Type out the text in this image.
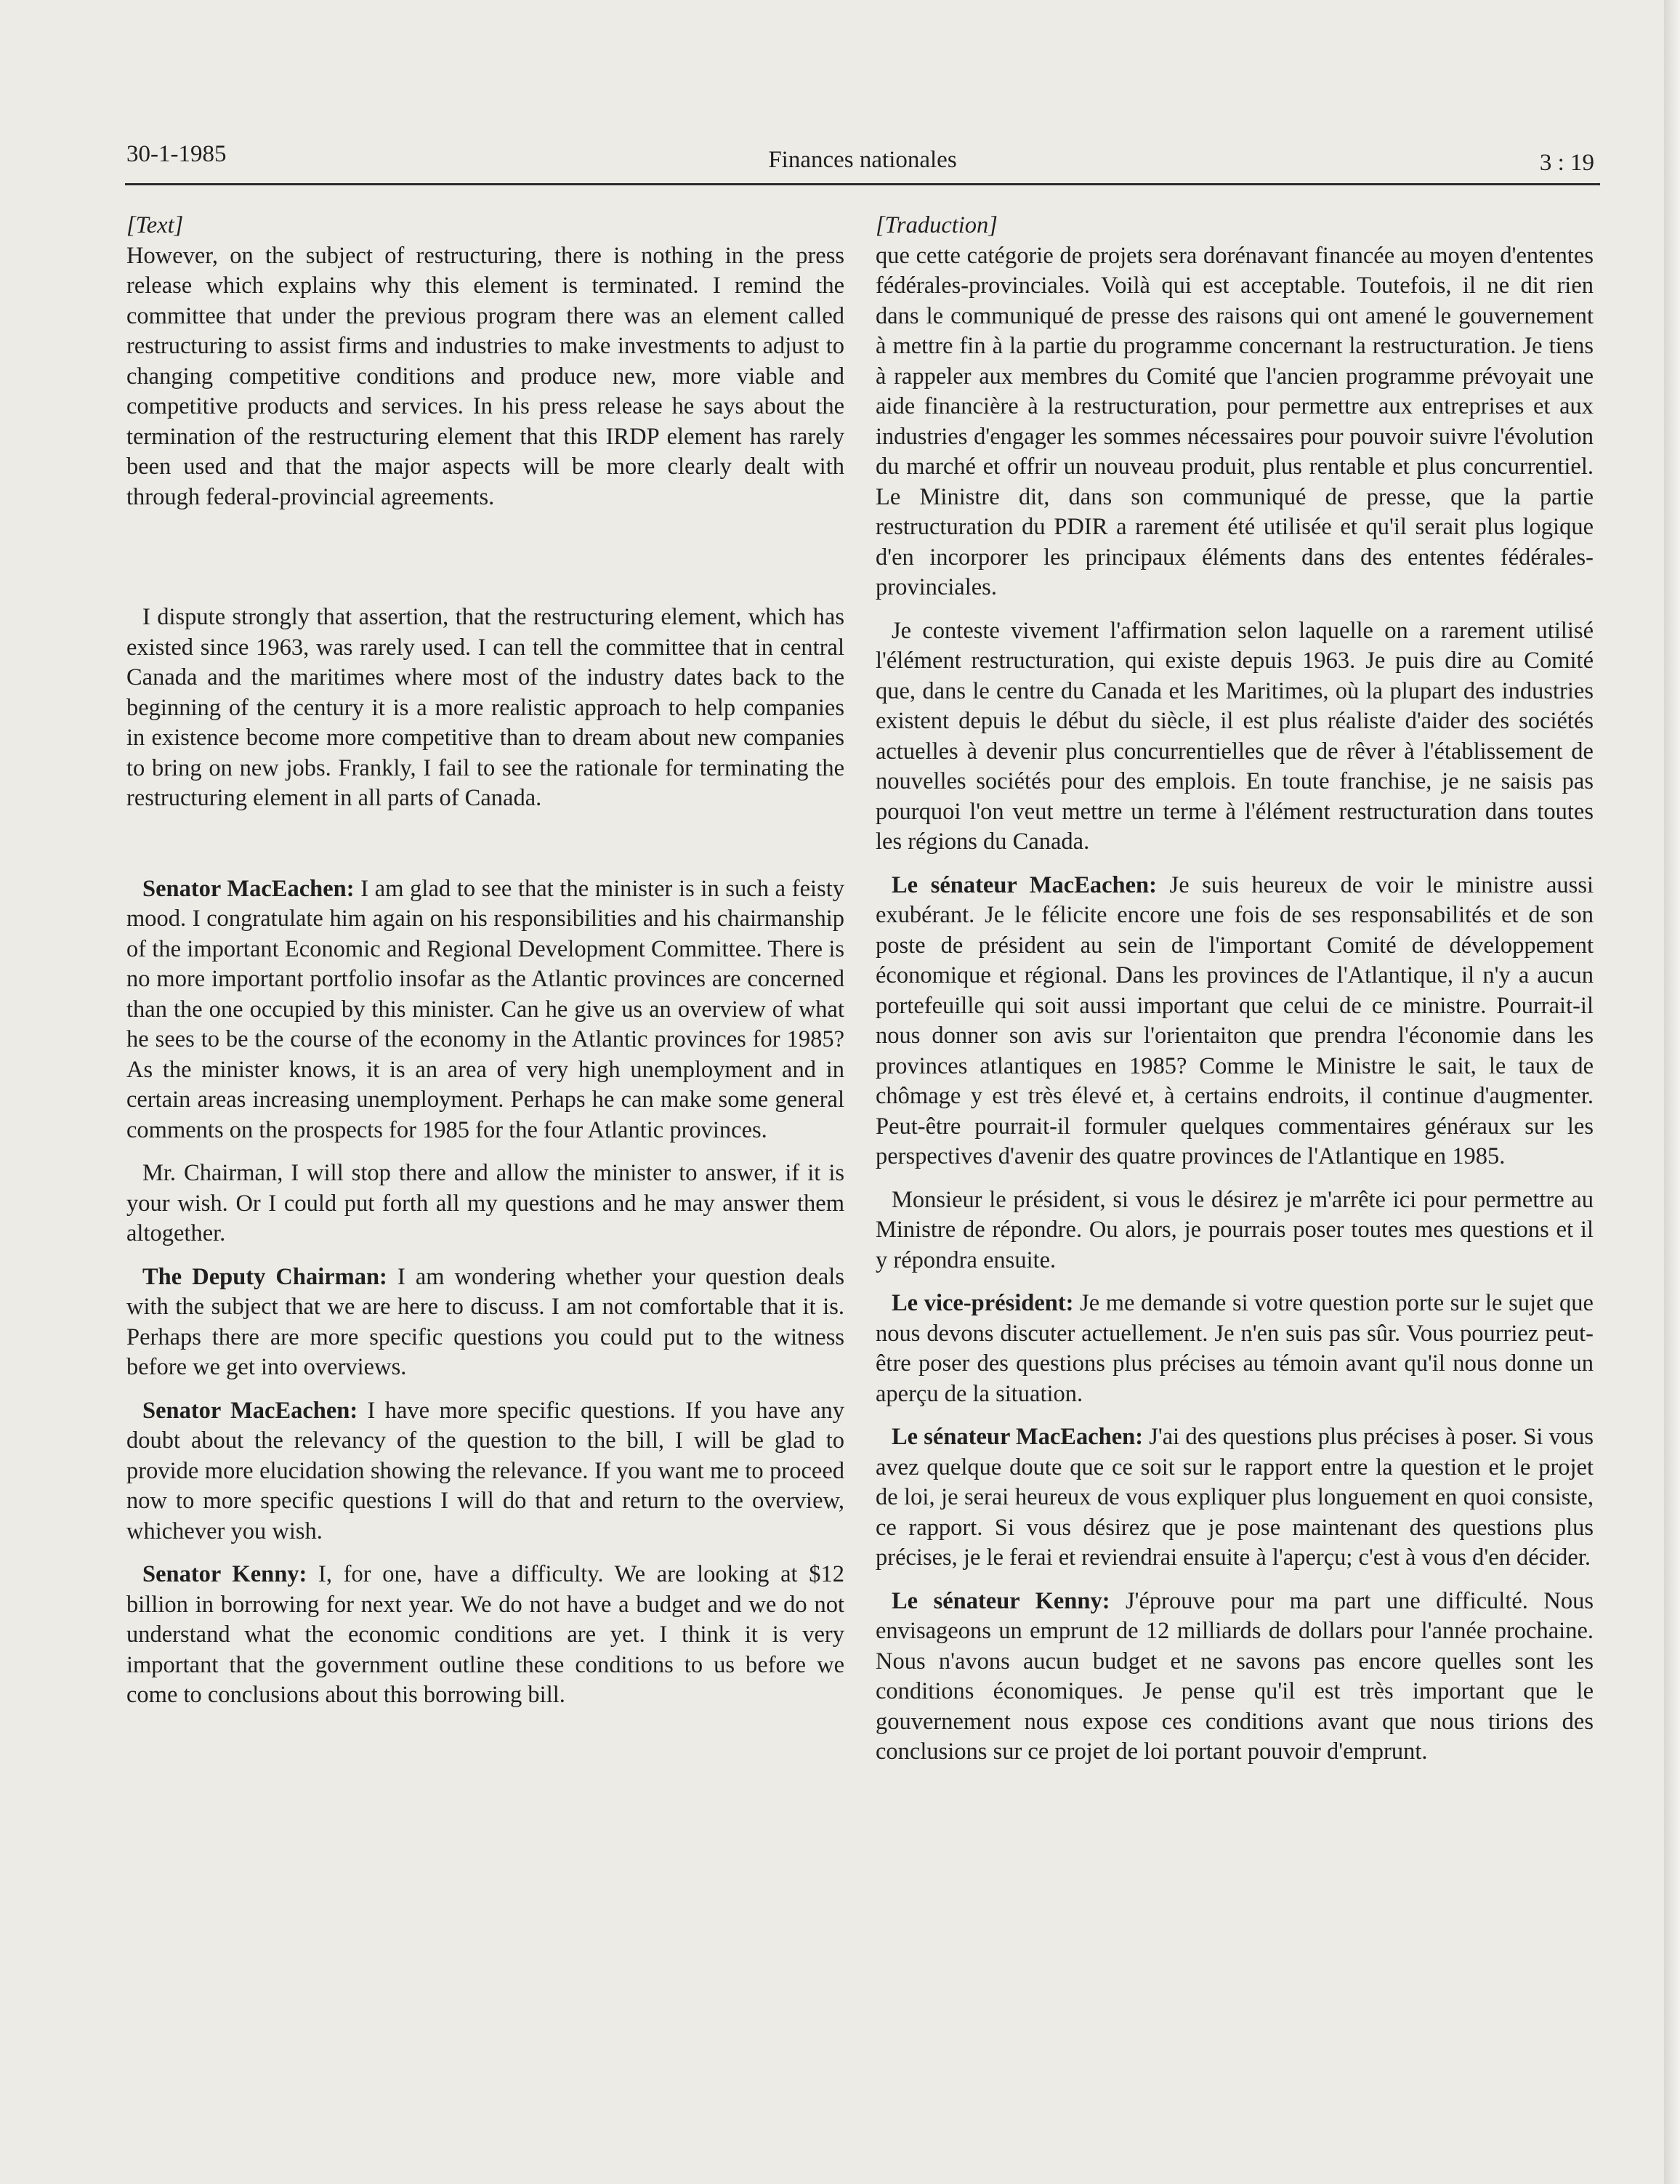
30-1-1985	Finances nationales	3 : 19

[Text]

However, on the subject of restructuring, there is nothing in the press release which explains why this element is terminated. I remind the committee that under the previous program there was an element called restructuring to assist firms and industries to make investments to adjust to changing competitive conditions and produce new, more viable and competitive products and services. In his press release he says about the termination of the restructuring element that this IRDP element has rarely been used and that the major aspects will be more clearly dealt with through federal-provincial agreements.

I dispute strongly that assertion, that the restructuring element, which has existed since 1963, was rarely used. I can tell the committee that in central Canada and the maritimes where most of the industry dates back to the beginning of the century it is a more realistic approach to help companies in existence become more competitive than to dream about new companies to bring on new jobs. Frankly, I fail to see the rationale for terminating the restructuring element in all parts of Canada.

Senator MacEachen: I am glad to see that the minister is in such a feisty mood. I congratulate him again on his responsibilities and his chairmanship of the important Economic and Regional Development Committee. There is no more important portfolio insofar as the Atlantic provinces are concerned than the one occupied by this minister. Can he give us an overview of what he sees to be the course of the economy in the Atlantic provinces for 1985? As the minister knows, it is an area of very high unemployment and in certain areas increasing unemployment. Perhaps he can make some general comments on the prospects for 1985 for the four Atlantic provinces.

Mr. Chairman, I will stop there and allow the minister to answer, if it is your wish. Or I could put forth all my questions and he may answer them altogether.

The Deputy Chairman: I am wondering whether your question deals with the subject that we are here to discuss. I am not comfortable that it is. Perhaps there are more specific questions you could put to the witness before we get into overviews.

Senator MacEachen: I have more specific questions. If you have any doubt about the relevancy of the question to the bill, I will be glad to provide more elucidation showing the relevance. If you want me to proceed now to more specific questions I will do that and return to the overview, whichever you wish.

Senator Kenny: I, for one, have a difficulty. We are looking at $12 billion in borrowing for next year. We do not have a budget and we do not understand what the economic conditions are yet. I think it is very important that the government outline these conditions to us before we come to conclusions about this borrowing bill.

[Traduction]

que cette catégorie de projets sera dorénavant financée au moyen d'ententes fédérales-provinciales. Voilà qui est acceptable. Toutefois, il ne dit rien dans le communiqué de presse des raisons qui ont amené le gouvernement à mettre fin à la partie du programme concernant la restructuration. Je tiens à rappeler aux membres du Comité que l'ancien programme prévoyait une aide financière à la restructuration, pour permettre aux entreprises et aux industries d'engager les sommes nécessaires pour pouvoir suivre l'évolution du marché et offrir un nouveau produit, plus rentable et plus concurrentiel. Le Ministre dit, dans son communiqué de presse, que la partie restructuration du PDIR a rarement été utilisée et qu'il serait plus logique d'en incorporer les principaux éléments dans des ententes fédérales-provinciales.

Je conteste vivement l'affirmation selon laquelle on a rarement utilisé l'élément restructuration, qui existe depuis 1963. Je puis dire au Comité que, dans le centre du Canada et les Maritimes, où la plupart des industries existent depuis le début du siècle, il est plus réaliste d'aider des sociétés actuelles à devenir plus concurrentielles que de rêver à l'établissement de nouvelles sociétés pour des emplois. En toute franchise, je ne saisis pas pourquoi l'on veut mettre un terme à l'élément restructuration dans toutes les régions du Canada.

Le sénateur MacEachen: Je suis heureux de voir le ministre aussi exubérant. Je le félicite encore une fois de ses responsabilités et de son poste de président au sein de l'important Comité de développement économique et régional. Dans les provinces de l'Atlantique, il n'y a aucun portefeuille qui soit aussi important que celui de ce ministre. Pourrait-il nous donner son avis sur l'orientaiton que prendra l'économie dans les provinces atlantiques en 1985? Comme le Ministre le sait, le taux de chômage y est très élevé et, à certains endroits, il continue d'augmenter. Peut-être pourrait-il formuler quelques commentaires généraux sur les perspectives d'avenir des quatre provinces de l'Atlantique en 1985.

Monsieur le président, si vous le désirez je m'arrête ici pour permettre au Ministre de répondre. Ou alors, je pourrais poser toutes mes questions et il y répondra ensuite.

Le vice-président: Je me demande si votre question porte sur le sujet que nous devons discuter actuellement. Je n'en suis pas sûr. Vous pourriez peut-être poser des questions plus précises au témoin avant qu'il nous donne un aperçu de la situation.

Le sénateur MacEachen: J'ai des questions plus précises à poser. Si vous avez quelque doute que ce soit sur le rapport entre la question et le projet de loi, je serai heureux de vous expliquer plus longuement en quoi consiste, ce rapport. Si vous désirez que je pose maintenant des questions plus précises, je le ferai et reviendrai ensuite à l'aperçu; c'est à vous d'en décider.

Le sénateur Kenny: J'éprouve pour ma part une difficulté. Nous envisageons un emprunt de 12 milliards de dollars pour l'année prochaine. Nous n'avons aucun budget et ne savons pas encore quelles sont les conditions économiques. Je pense qu'il est très important que le gouvernement nous expose ces conditions avant que nous tirions des conclusions sur ce projet de loi portant pouvoir d'emprunt.
